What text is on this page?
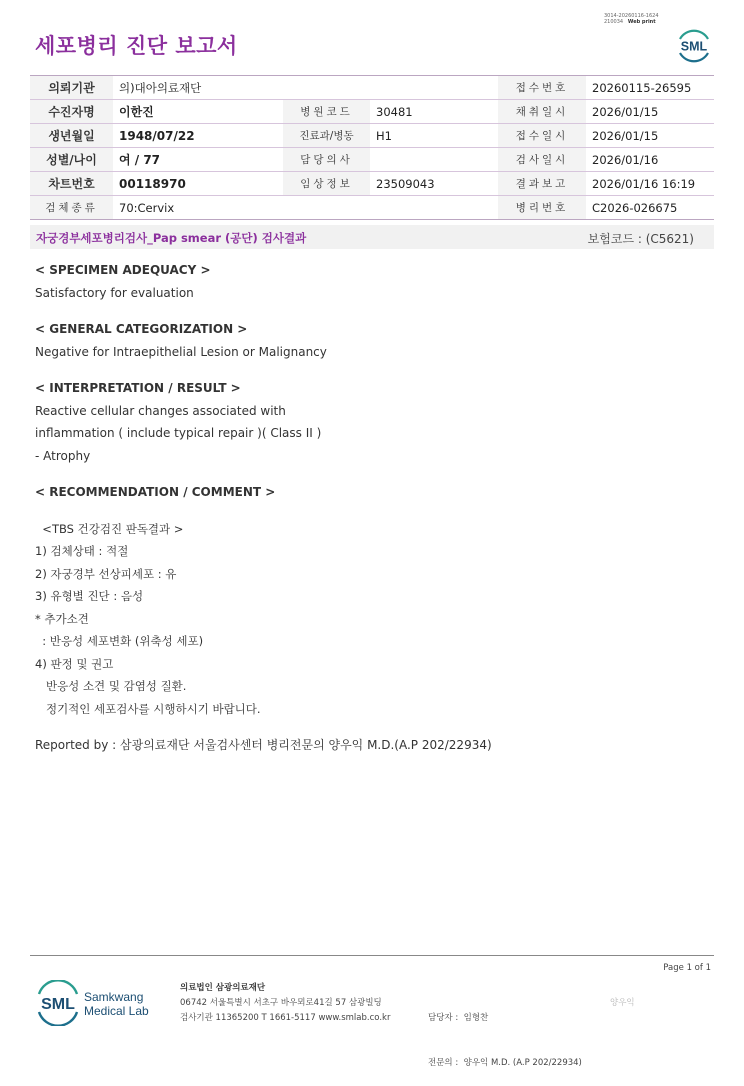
세포병리 진단 보고서
3014-20260116-1624
210034 Web print
SML
의뢰기관	의)대아의료재단			접수번호	20260115-26595
수진자명	이한진	병원코드	30481	채취일시	2026/01/15
생년월일	1948/07/22	진료과/병동	H1	접수일시	2026/01/15
성별/나이	여 / 77	담당의사		검사일시	2026/01/16
차트번호	00118970	임상정보	23509043	결과보고	2026/01/16 16:19
검체종류	70:Cervix			병리번호	C2026-026675
자궁경부세포병리검사_Pap smear (공단) 검사결과	보험코드 : (C5621)
< SPECIMEN ADEQUACY >
Satisfactory for evaluation
< GENERAL CATEGORIZATION >
Negative for Intraepithelial Lesion or Malignancy
< INTERPRETATION / RESULT >
Reactive cellular changes associated with
inflammation ( include typical repair )( Class II )
- Atrophy
< RECOMMENDATION / COMMENT >
<TBS 건강검진 판독결과 >
1) 검체상태 : 적절
2) 자궁경부 선상피세포 : 유
3) 유형별 진단 : 음성
* 추가소견
: 반응성 세포변화 (위축성 세포)
4) 판정 및 권고
반응성 소견 및 감염성 질환.
정기적인 세포검사를 시행하시기 바랍니다.
Reported by : 삼광의료재단 서울검사센터 병리전문의 양우익 M.D.(A.P 202/22934)
Page 1 of 1
SML Samkwang
Medical Lab
의료법인 삼광의료재단
06742 서울특별시 서초구 바우뫼로41길 57 삼광빌딩
검사기관 11365200 T 1661-5117 www.smlab.co.kr

	담당자 :  임형찬

전문의 :  양우익 M.D. (A.P 202/22934)

양우익
